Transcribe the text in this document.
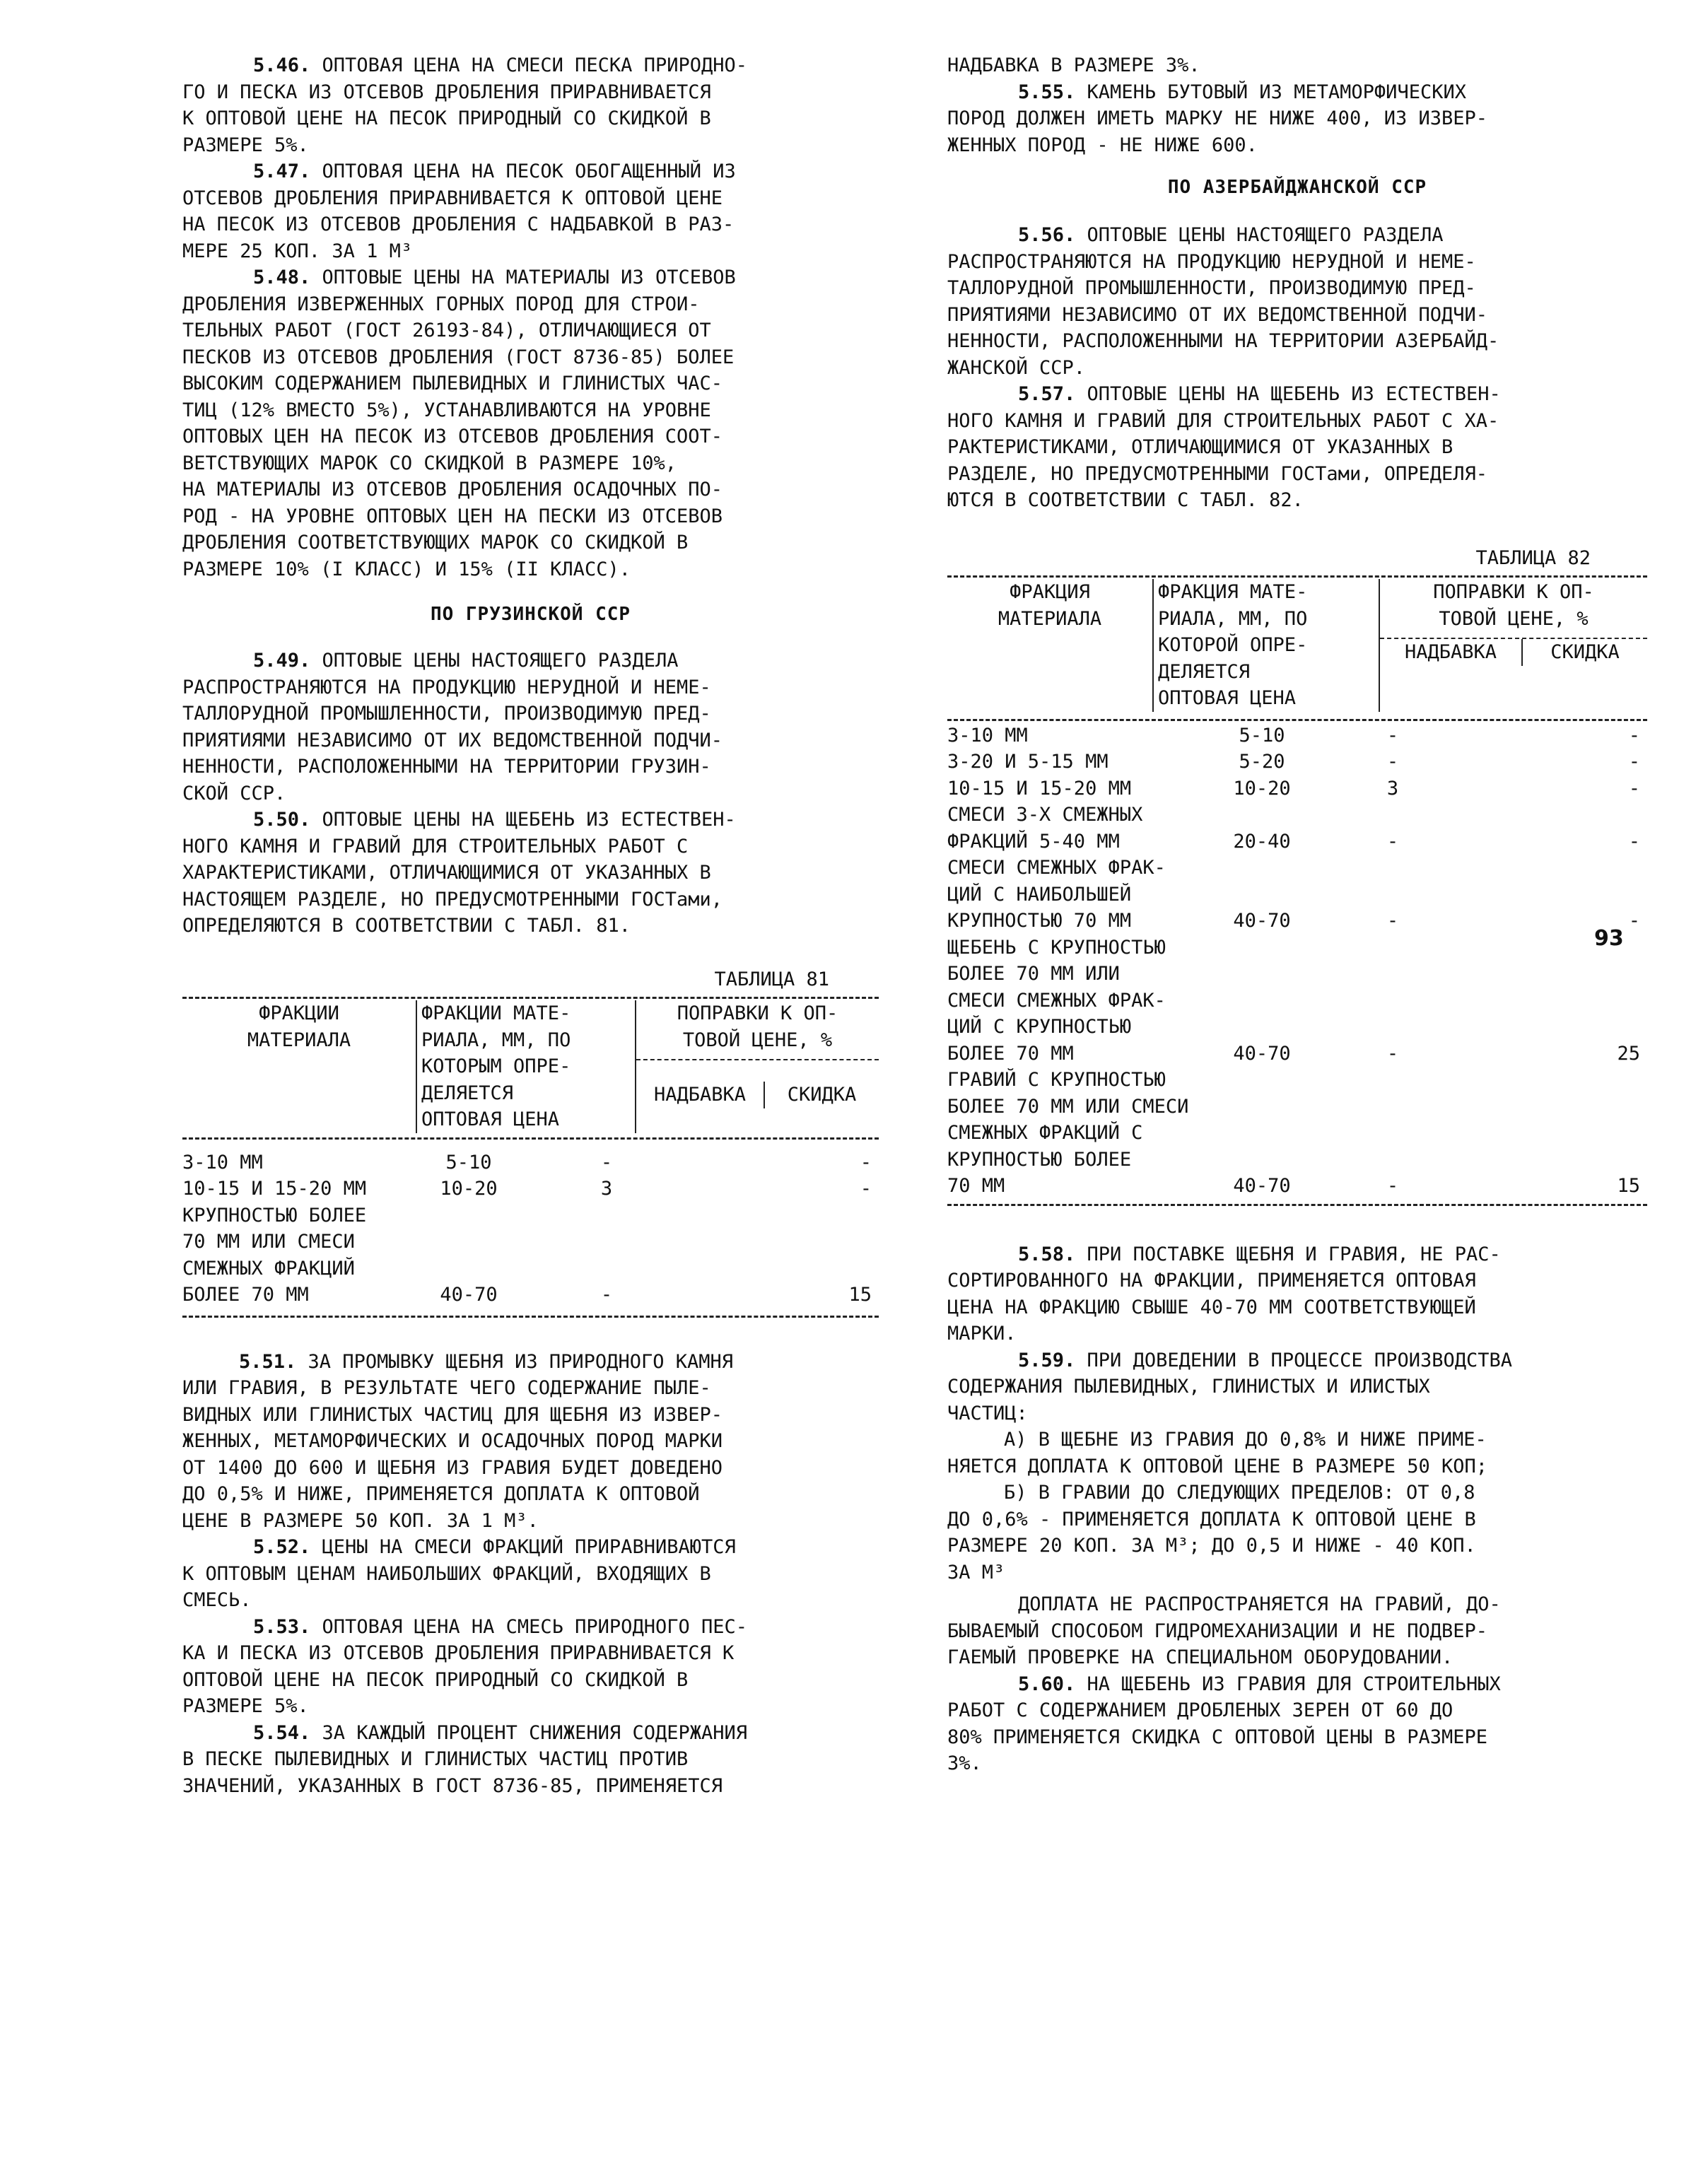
5.46. ОПТОВАЯ ЦЕНА НА СМЕСИ ПЕСКА ПРИРОДНО-
ГО И ПЕСКА ИЗ ОТСЕВОВ ДРОБЛЕНИЯ ПРИРАВНИВАЕТСЯ
К ОПТОВОЙ ЦЕНЕ НА ПЕСОК ПРИРОДНЫЙ СО СКИДКОЙ В
РАЗМЕРЕ 5%.

5.47. ОПТОВАЯ ЦЕНА НА ПЕСОК ОБОГАЩЕННЫЙ ИЗ
ОТСЕВОВ ДРОБЛЕНИЯ ПРИРАВНИВАЕТСЯ К ОПТОВОЙ ЦЕНЕ
НА ПЕСОК ИЗ ОТСЕВОВ ДРОБЛЕНИЯ С НАДБАВКОЙ В РАЗ-
МЕРЕ 25 КОП. ЗА 1 М³

5.48. ОПТОВЫЕ ЦЕНЫ НА МАТЕРИАЛЫ ИЗ ОТСЕВОВ
ДРОБЛЕНИЯ ИЗВЕРЖЕННЫХ ГОРНЫХ ПОРОД ДЛЯ СТРОИ-
ТЕЛЬНЫХ РАБОТ (ГОСТ 26193-84), ОТЛИЧАЮЩИЕСЯ ОТ
ПЕСКОВ ИЗ ОТСЕВОВ ДРОБЛЕНИЯ (ГОСТ 8736-85) БОЛЕЕ
ВЫСОКИМ СОДЕРЖАНИЕМ ПЫЛЕВИДНЫХ И ГЛИНИСТЫХ ЧАС-
ТИЦ (12% ВМЕСТО 5%), УСТАНАВЛИВАЮТСЯ НА УРОВНЕ
ОПТОВЫХ ЦЕН НА ПЕСОК ИЗ ОТСЕВОВ ДРОБЛЕНИЯ СООТ-
ВЕТСТВУЮЩИХ МАРОК СО СКИДКОЙ В РАЗМЕРЕ 10%,
НА МАТЕРИАЛЫ ИЗ ОТСЕВОВ ДРОБЛЕНИЯ ОСАДОЧНЫХ ПО-
РОД - НА УРОВНЕ ОПТОВЫХ ЦЕН НА ПЕСКИ ИЗ ОТСЕВОВ
ДРОБЛЕНИЯ СООТВЕТСТВУЮЩИХ МАРОК СО СКИДКОЙ В
РАЗМЕРЕ 10% (I КЛАСС) И 15% (II КЛАСС).

ПО ГРУЗИНСКОЙ ССР

5.49. ОПТОВЫЕ ЦЕНЫ НАСТОЯЩЕГО РАЗДЕЛА
РАСПРОСТРАНЯЮТСЯ НА ПРОДУКЦИЮ НЕРУДНОЙ И НЕМЕ-
ТАЛЛОРУДНОЙ ПРОМЫШЛЕННОСТИ, ПРОИЗВОДИМУЮ ПРЕД-
ПРИЯТИЯМИ НЕЗАВИСИМО ОТ ИХ ВЕДОМСТВЕННОЙ ПОДЧИ-
НЕННОСТИ, РАСПОЛОЖЕННЫМИ НА ТЕРРИТОРИИ ГРУЗИН-
СКОЙ ССР.

5.50. ОПТОВЫЕ ЦЕНЫ НА ЩЕБЕНЬ ИЗ ЕСТЕСТВЕН-
НОГО КАМНЯ И ГРАВИЙ ДЛЯ СТРОИТЕЛЬНЫХ РАБОТ С
ХАРАКТЕРИСТИКАМИ, ОТЛИЧАЮЩИМИСЯ ОТ УКАЗАННЫХ В
НАСТОЯЩЕМ РАЗДЕЛЕ, НО ПРЕДУСМОТРЕННЫМИ ГОСТами,
ОПРЕДЕЛЯЮТСЯ В СООТВЕТСТВИИ С ТАБЛ. 81.

ТАБЛИЦА 81

ФРАКЦИИ
МАТЕРИАЛА
ФРАКЦИИ МАТЕ-
РИАЛА, ММ, ПО
КОТОРЫМ ОПРЕ-
ДЕЛЯЕТСЯ
ОПТОВАЯ ЦЕНА
ПОПРАВКИ К ОП-
ТОВОЙ ЦЕНЕ, %
НАДБАВКА	СКИДКА
3-10 ММ	5-10	-	-
10-15 И 15-20 ММ	10-20	3	-
КРУПНОСТЬЮ БОЛЕЕ
70 ММ ИЛИ СМЕСИ
СМЕЖНЫХ ФРАКЦИЙ
БОЛЕЕ 70 ММ	40-70	-	15

5.51. ЗА ПРОМЫВКУ ЩЕБНЯ ИЗ ПРИРОДНОГО КАМНЯ
ИЛИ ГРАВИЯ, В РЕЗУЛЬТАТЕ ЧЕГО СОДЕРЖАНИЕ ПЫЛЕ-
ВИДНЫХ ИЛИ ГЛИНИСТЫХ ЧАСТИЦ ДЛЯ ЩЕБНЯ ИЗ ИЗВЕР-
ЖЕННЫХ, МЕТАМОРФИЧЕСКИХ И ОСАДОЧНЫХ ПОРОД МАРКИ
ОТ 1400 ДО 600 И ЩЕБНЯ ИЗ ГРАВИЯ БУДЕТ ДОВЕДЕНО
ДО 0,5% И НИЖЕ, ПРИМЕНЯЕТСЯ ДОПЛАТА К ОПТОВОЙ
ЦЕНЕ В РАЗМЕРЕ 50 КОП. ЗА 1 М³.

5.52. ЦЕНЫ НА СМЕСИ ФРАКЦИЙ ПРИРАВНИВАЮТСЯ
К ОПТОВЫМ ЦЕНАМ НАИБОЛЬШИХ ФРАКЦИЙ, ВХОДЯЩИХ В
СМЕСЬ.

5.53. ОПТОВАЯ ЦЕНА НА СМЕСЬ ПРИРОДНОГО ПЕС-
КА И ПЕСКА ИЗ ОТСЕВОВ ДРОБЛЕНИЯ ПРИРАВНИВАЕТСЯ К
ОПТОВОЙ ЦЕНЕ НА ПЕСОК ПРИРОДНЫЙ СО СКИДКОЙ В
РАЗМЕРЕ 5%.

5.54. ЗА КАЖДЫЙ ПРОЦЕНТ СНИЖЕНИЯ СОДЕРЖАНИЯ
В ПЕСКЕ ПЫЛЕВИДНЫХ И ГЛИНИСТЫХ ЧАСТИЦ ПРОТИВ
ЗНАЧЕНИЙ, УКАЗАННЫХ В ГОСТ 8736-85, ПРИМЕНЯЕТСЯ

НАДБАВКА В РАЗМЕРЕ 3%.

5.55. КАМЕНЬ БУТОВЫЙ ИЗ МЕТАМОРФИЧЕСКИХ
ПОРОД ДОЛЖЕН ИМЕТЬ МАРКУ НЕ НИЖЕ 400, ИЗ ИЗВЕР-
ЖЕННЫХ ПОРОД - НЕ НИЖЕ 600.

ПО АЗЕРБАЙДЖАНСКОЙ ССР

5.56. ОПТОВЫЕ ЦЕНЫ НАСТОЯЩЕГО РАЗДЕЛА
РАСПРОСТРАНЯЮТСЯ НА ПРОДУКЦИЮ НЕРУДНОЙ И НЕМЕ-
ТАЛЛОРУДНОЙ ПРОМЫШЛЕННОСТИ, ПРОИЗВОДИМУЮ ПРЕД-
ПРИЯТИЯМИ НЕЗАВИСИМО ОТ ИХ ВЕДОМСТВЕННОЙ ПОДЧИ-
НЕННОСТИ, РАСПОЛОЖЕННЫМИ НА ТЕРРИТОРИИ АЗЕРБАЙД-
ЖАНСКОЙ ССР.

5.57. ОПТОВЫЕ ЦЕНЫ НА ЩЕБЕНЬ ИЗ ЕСТЕСТВЕН-
НОГО КАМНЯ И ГРАВИЙ ДЛЯ СТРОИТЕЛЬНЫХ РАБОТ С ХА-
РАКТЕРИСТИКАМИ, ОТЛИЧАЮЩИМИСЯ ОТ УКАЗАННЫХ В
РАЗДЕЛЕ, НО ПРЕДУСМОТРЕННЫМИ ГОСТами, ОПРЕДЕЛЯ-
ЮТСЯ В СООТВЕТСТВИИ С ТАБЛ. 82.

ТАБЛИЦА 82

ФРАКЦИЯ
МАТЕРИАЛА
ФРАКЦИЯ МАТЕ-
РИАЛА, ММ, ПО
КОТОРОЙ ОПРЕ-
ДЕЛЯЕТСЯ
ОПТОВАЯ ЦЕНА
ПОПРАВКИ К ОП-
ТОВОЙ ЦЕНЕ, %
НАДБАВКА	СКИДКА
3-10 ММ	5-10	-	-
3-20 И 5-15 ММ	5-20	-	-
10-15 И 15-20 ММ	10-20	3	-
СМЕСИ 3-Х СМЕЖНЫХ
ФРАКЦИЙ 5-40 ММ	20-40	-	-
СМЕСИ СМЕЖНЫХ ФРАК-
ЦИЙ С НАИБОЛЬШЕЙ
КРУПНОСТЬЮ 70 ММ	40-70	-	-
ЩЕБЕНЬ С КРУПНОСТЬЮ
БОЛЕЕ 70 ММ ИЛИ
СМЕСИ СМЕЖНЫХ ФРАК-
ЦИЙ С КРУПНОСТЬЮ
БОЛЕЕ 70 ММ	40-70	-	25
ГРАВИЙ С КРУПНОСТЬЮ
БОЛЕЕ 70 ММ ИЛИ СМЕСИ
СМЕЖНЫХ ФРАКЦИЙ С
КРУПНОСТЬЮ БОЛЕЕ
70 ММ	40-70	-	15

5.58. ПРИ ПОСТАВКЕ ЩЕБНЯ И ГРАВИЯ, НЕ РАС-
СОРТИРОВАННОГО НА ФРАКЦИИ, ПРИМЕНЯЕТСЯ ОПТОВАЯ
ЦЕНА НА ФРАКЦИЮ СВЫШЕ 40-70 ММ СООТВЕТСТВУЮЩЕЙ
МАРКИ.

5.59. ПРИ ДОВЕДЕНИИ В ПРОЦЕССЕ ПРОИЗВОДСТВА
СОДЕРЖАНИЯ ПЫЛЕВИДНЫХ, ГЛИНИСТЫХ И ИЛИСТЫХ
ЧАСТИЦ:

А) В ЩЕБНЕ ИЗ ГРАВИЯ ДО 0,8% И НИЖЕ ПРИМЕ-
НЯЕТСЯ ДОПЛАТА К ОПТОВОЙ ЦЕНЕ В РАЗМЕРЕ 50 КОП;

Б) В ГРАВИИ ДО СЛЕДУЮЩИХ ПРЕДЕЛОВ: ОТ 0,8
ДО 0,6% - ПРИМЕНЯЕТСЯ ДОПЛАТА К ОПТОВОЙ ЦЕНЕ В
РАЗМЕРЕ 20 КОП. ЗА М³; ДО 0,5 И НИЖЕ - 40 КОП.
ЗА М³

ДОПЛАТА НЕ РАСПРОСТРАНЯЕТСЯ НА ГРАВИЙ, ДО-
БЫВАЕМЫЙ СПОСОБОМ ГИДРОМЕХАНИЗАЦИИ И НЕ ПОДВЕР-
ГАЕМЫЙ ПРОВЕРКЕ НА СПЕЦИАЛЬНОМ ОБОРУДОВАНИИ.

5.60. НА ЩЕБЕНЬ ИЗ ГРАВИЯ ДЛЯ СТРОИТЕЛЬНЫХ
РАБОТ С СОДЕРЖАНИЕМ ДРОБЛЕНЫХ ЗЕРЕН ОТ 60 ДО
80% ПРИМЕНЯЕТСЯ СКИДКА С ОПТОВОЙ ЦЕНЫ В РАЗМЕРЕ
3%.

93
